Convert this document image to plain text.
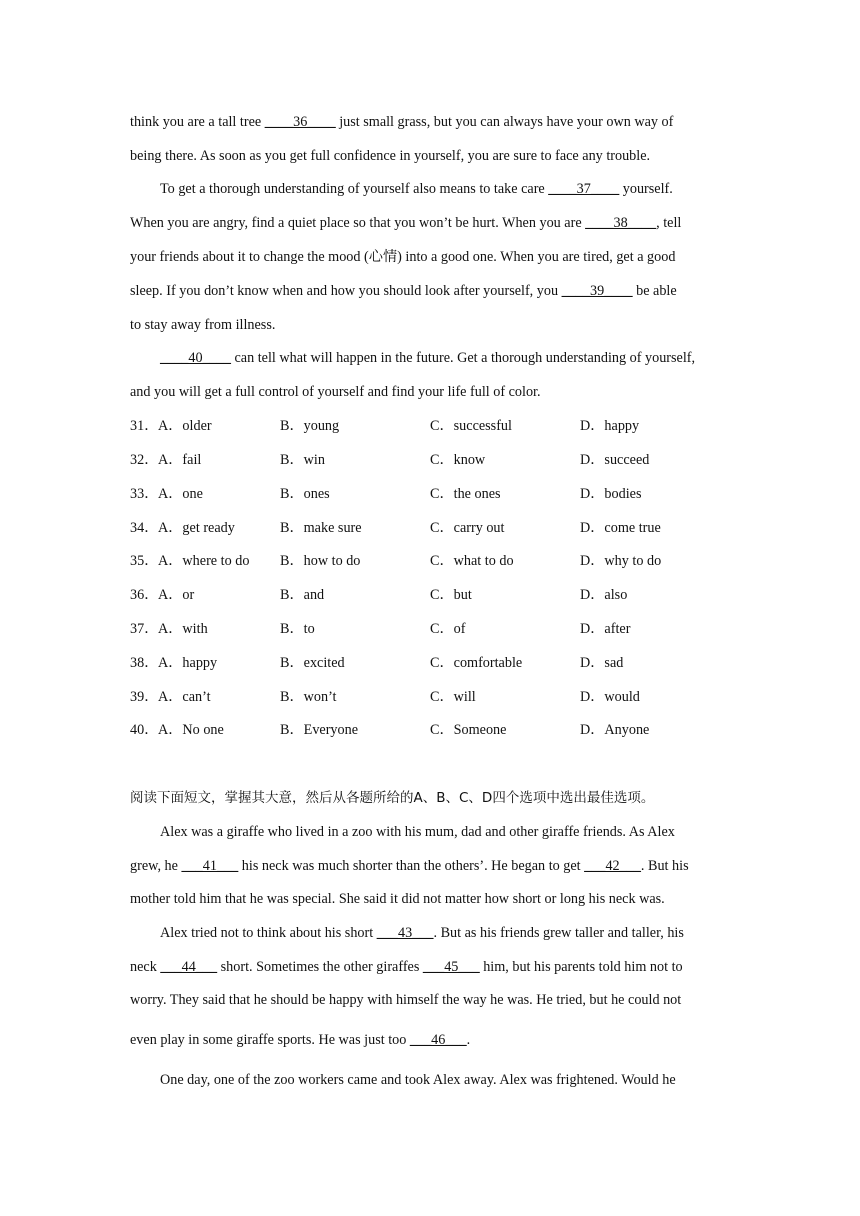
think you are a tall tree ____36____ just small grass, but you can always have your own way of
being there. As soon as you get full confidence in yourself, you are sure to face any trouble.
To get a thorough understanding of yourself also means to take care ____37____ yourself.
When you are angry, find a quiet place so that you won’t be hurt. When you are ____38____, tell
your friends about it to change the mood (心情) into a good one. When you are tired, get a good
sleep. If you don’t know when and how you should look after yourself, you ____39____ be able
to stay away from illness.
____40____ can tell what will happen in the future. Get a thorough understanding of yourself,
and you will get a full control of yourself and find your life full of color.
31． A．older	B．young	C．successful	D．happy
32． A．fail	B．win	C．know	D．succeed
33． A．one	B．ones	C．the ones	D．bodies
34． A．get ready	B．make sure	C．carry out	D．come true
35． A．where to do B．how to do	C．what to do	D．why to do
36． A．or	B．and	C．but	D．also
37． A．with	B．to	C．of	D．after
38． A．happy	B．excited	C．comfortable	D．sad
39． A．can’t	B．won’t	C．will	D．would
40． A．No one	B．Everyone	C．Someone	D．Anyone
阅读下面短文，掌握其大意，然后从各题所给的A、B、C、D四个选项中选出最佳选项。
Alex was a giraffe who lived in a zoo with his mum, dad and other giraffe friends. As Alex
grew, he ___41___ his neck was much shorter than the others’. He began to get ___42___. But his
mother told him that he was special. She said it did not matter how short or long his neck was.
Alex tried not to think about his short ___43___. But as his friends grew taller and taller, his
neck ___44___ short. Sometimes the other giraffes ___45___ him, but his parents told him not to
worry. They said that he should be happy with himself the way he was. He tried, but he could not
even play in some giraffe sports. He was just too ___46___.
One day, one of the zoo workers came and took Alex away. Alex was frightened. Would he
